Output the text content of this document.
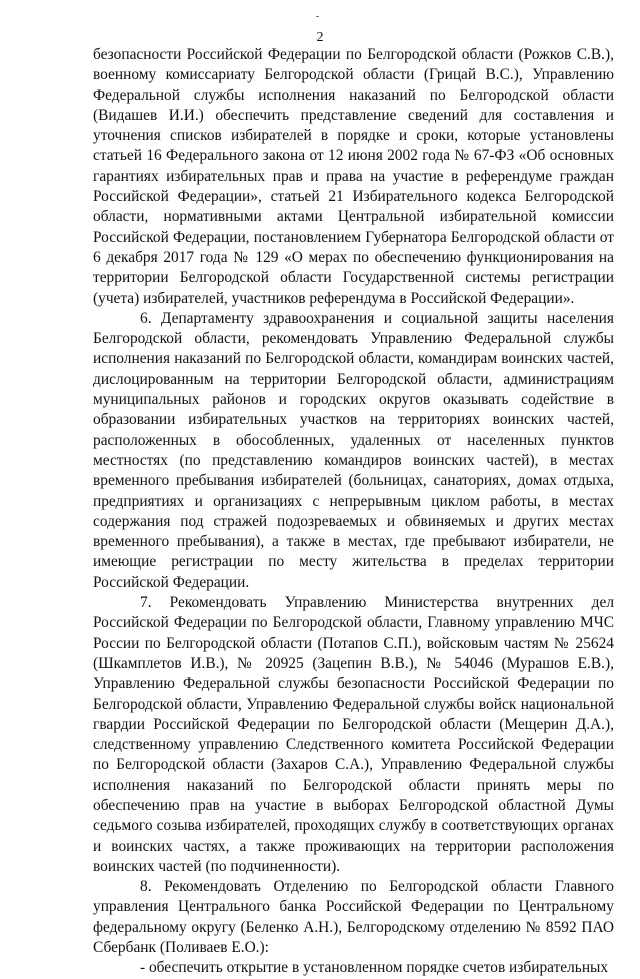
2

безопасности Российской Федерации по Белгородской области (Рожков С.В.), военному комиссариату Белгородской области (Грицай В.С.), Управлению Федеральной службы исполнения наказаний по Белгородской области (Видашев И.И.) обеспечить представление сведений для составления и уточнения списков избирателей в порядке и сроки, которые установлены статьей 16 Федерального закона от 12 июня 2002 года № 67-ФЗ «Об основных гарантиях избирательных прав и права на участие в референдуме граждан Российской Федерации», статьей 21 Избирательного кодекса Белгородской области, нормативными актами Центральной избирательной комиссии Российской Федерации, постановлением Губернатора Белгородской области от 6 декабря 2017 года № 129 «О мерах по обеспечению функционирования на территории Белгородской области Государственной системы регистрации (учета) избирателей, участников референдума в Российской Федерации».

6. Департаменту здравоохранения и социальной защиты населения Белгородской области, рекомендовать Управлению Федеральной службы исполнения наказаний по Белгородской области, командирам воинских частей, дислоцированным на территории Белгородской области, администрациям муниципальных районов и городских округов оказывать содействие в образовании избирательных участков на территориях воинских частей, расположенных в обособленных, удаленных от населенных пунктов местностях (по представлению командиров воинских частей), в местах временного пребывания избирателей (больницах, санаториях, домах отдыха, предприятиях и организациях с непрерывным циклом работы, в местах содержания под стражей подозреваемых и обвиняемых и других местах временного пребывания), а также в местах, где пребывают избиратели, не имеющие регистрации по месту жительства в пределах территории Российской Федерации.

7. Рекомендовать Управлению Министерства внутренних дел Российской Федерации по Белгородской области, Главному управлению МЧС России по Белгородской области (Потапов С.П.), войсковым частям № 25624 (Шкамплетов И.В.), № 20925 (Зацепин В.В.), № 54046 (Мурашов Е.В.), Управлению Федеральной службы безопасности Российской Федерации по Белгородской области, Управлению Федеральной службы войск национальной гвардии Российской Федерации по Белгородской области (Мещерин Д.А.), следственному управлению Следственного комитета Российской Федерации по Белгородской области (Захаров С.А.), Управлению Федеральной службы исполнения наказаний по Белгородской области принять меры по обеспечению прав на участие в выборах Белгородской областной Думы седьмого созыва избирателей, проходящих службу в соответствующих органах и воинских частях, а также проживающих на территории расположения воинских частей (по подчиненности).

8. Рекомендовать Отделению по Белгородской области Главного управления Центрального банка Российской Федерации по Центральному федеральному округу (Беленко А.Н.), Белгородскому отделению № 8592 ПАО Сбербанк (Поливаев Е.О.):

- обеспечить открытие в установленном порядке счетов избирательных
